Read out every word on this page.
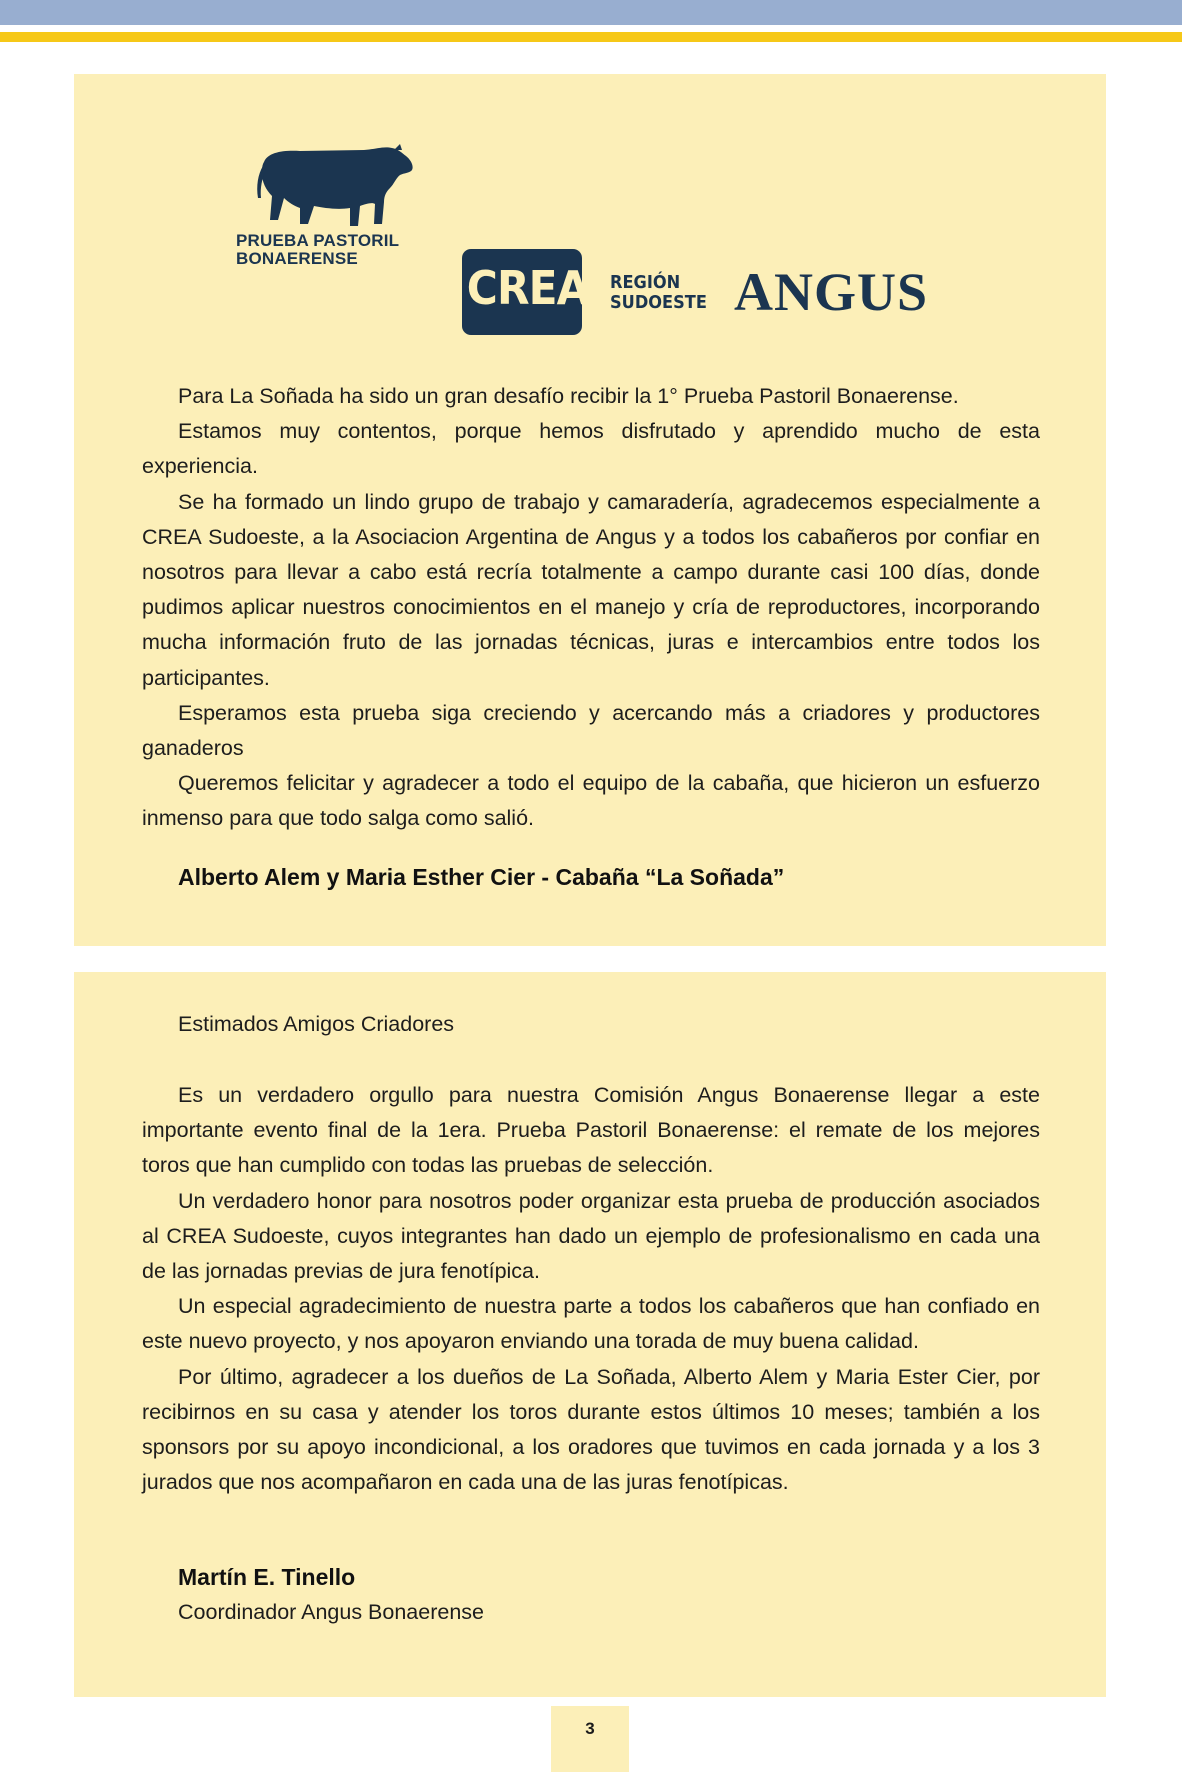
PRUEBA PASTORIL
BONAERENSE
CREA REGIÓN
SUDOESTE ANGUS

Para La Soñada ha sido un gran desafío recibir la 1° Prueba Pastoril Bonaerense.

Estamos muy contentos, porque hemos disfrutado y aprendido mucho de esta experiencia.

Se ha formado un lindo grupo de trabajo y camaradería, agradecemos especialmente a CREA Sudoeste, a la Asociacion Argentina de Angus y a todos los cabañeros por confiar en nosotros para llevar a cabo está recría totalmente a campo durante casi 100 días, donde pudimos aplicar nuestros conocimientos en el manejo y cría de reproductores, incorporando mucha información fruto de las jornadas técnicas, juras e intercambios entre todos los participantes.

Esperamos esta prueba siga creciendo y acercando más a criadores y productores ganaderos

Queremos felicitar y agradecer a todo el equipo de la cabaña, que hicieron un esfuerzo inmenso para que todo salga como salió.

Alberto Alem y Maria Esther Cier - Cabaña “La Soñada”
Estimados Amigos Criadores

Es un verdadero orgullo para nuestra Comisión Angus Bonaerense llegar a este importante evento final de la 1era. Prueba Pastoril Bonaerense: el remate de los mejores toros que han cumplido con todas las pruebas de selección.

Un verdadero honor para nosotros poder organizar esta prueba de producción asociados al CREA Sudoeste, cuyos integrantes han dado un ejemplo de profesionalismo en cada una de las jornadas previas de jura fenotípica.

Un especial agradecimiento de nuestra parte a todos los cabañeros que han confiado en este nuevo proyecto, y nos apoyaron enviando una torada de muy buena calidad.

Por último, agradecer a los dueños de La Soñada, Alberto Alem y Maria Ester Cier, por recibirnos en su casa y atender los toros durante estos últimos 10 meses; también a los sponsors por su apoyo incondicional, a los oradores que tuvimos en cada jornada y a los 3 jurados que nos acompañaron en cada una de las juras fenotípicas.

Martín E. Tinello
Coordinador Angus Bonaerense
3
